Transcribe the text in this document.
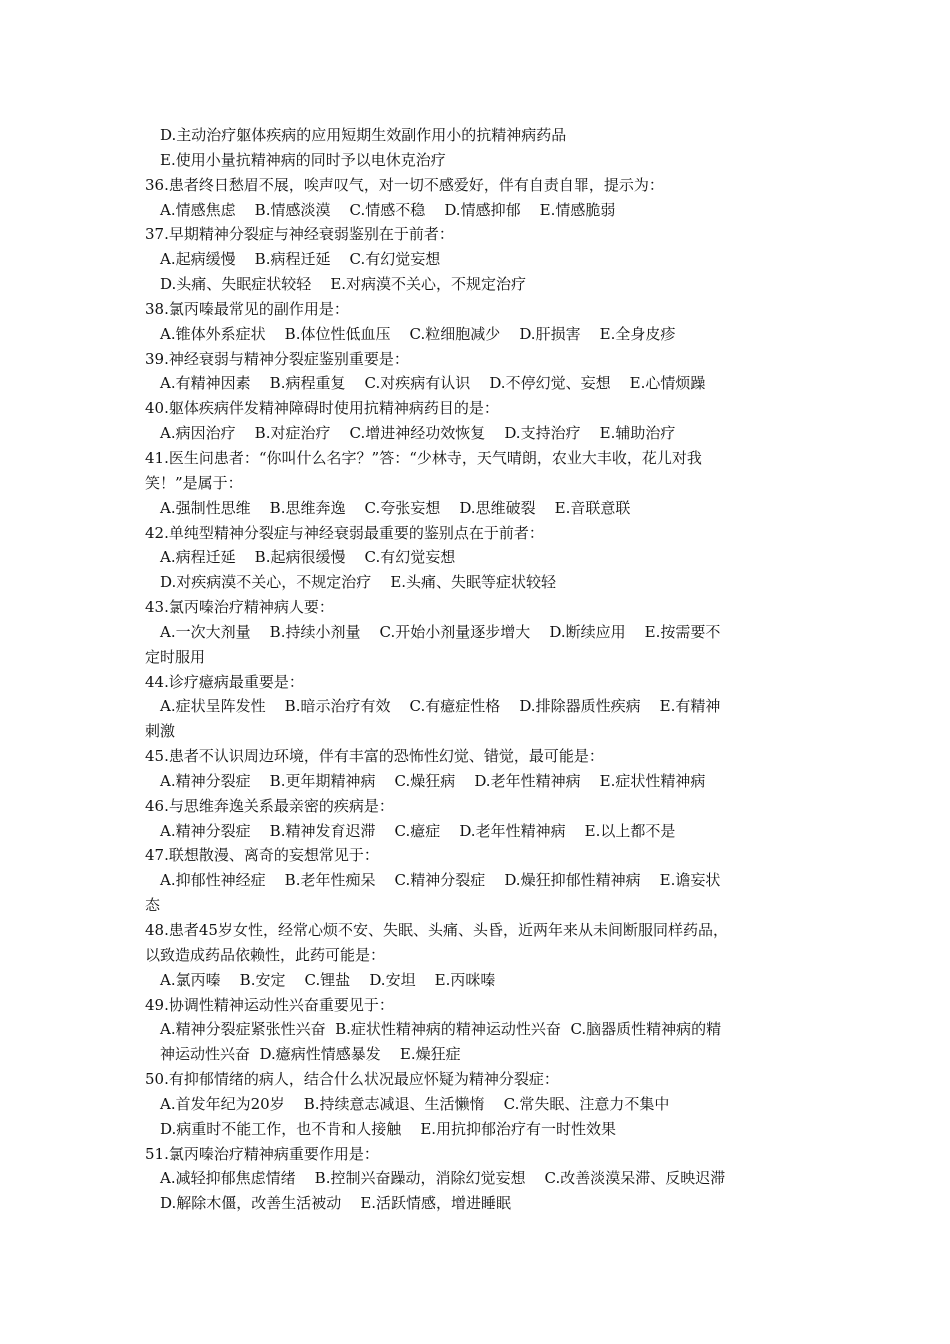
D.主动治疗躯体疾病的应用短期生效副作用小的抗精神病药品
E.使用小量抗精神病的同时予以电休克治疗
36.患者终日愁眉不展，唉声叹气，对一切不感爱好，伴有自责自罪，提示为：
A.情感焦虑    B.情感淡漠    C.情感不稳    D.情感抑郁    E.情感脆弱
37.早期精神分裂症与神经衰弱鉴别在于前者：
A.起病缓慢    B.病程迁延    C.有幻觉妄想
D.头痛、失眠症状较轻    E.对病漠不关心，不规定治疗
38.氯丙嗪最常见的副作用是：
A.锥体外系症状    B.体位性低血压    C.粒细胞减少    D.肝损害    E.全身皮疹
39.神经衰弱与精神分裂症鉴别重要是：
A.有精神因素    B.病程重复    C.对疾病有认识    D.不停幻觉、妄想    E.心情烦躁
40.躯体疾病伴发精神障碍时使用抗精神病药目的是：
A.病因治疗    B.对症治疗    C.增进神经功效恢复    D.支持治疗    E.辅助治疗
41.医生问患者：“你叫什么名字？”答：“少林寺，天气晴朗，农业大丰收，花儿对我
笑！”是属于：
A.强制性思维    B.思维奔逸    C.夸张妄想    D.思维破裂    E.音联意联
42.单纯型精神分裂症与神经衰弱最重要的鉴别点在于前者：
A.病程迁延    B.起病很缓慢    C.有幻觉妄想
D.对疾病漠不关心，不规定治疗    E.头痛、失眠等症状较轻
43.氯丙嗪治疗精神病人要：
A.一次大剂量    B.持续小剂量    C.开始小剂量逐步增大    D.断续应用    E.按需要不
定时服用
44.诊疗癔病最重要是：
A.症状呈阵发性    B.暗示治疗有效    C.有癔症性格    D.排除器质性疾病    E.有精神
刺激
45.患者不认识周边环境，伴有丰富的恐怖性幻觉、错觉，最可能是：
A.精神分裂症    B.更年期精神病    C.燥狂病    D.老年性精神病    E.症状性精神病
46.与思维奔逸关系最亲密的疾病是：
A.精神分裂症    B.精神发育迟滞    C.癔症    D.老年性精神病    E.以上都不是
47.联想散漫、离奇的妄想常见于：
A.抑郁性神经症    B.老年性痴呆    C.精神分裂症    D.燥狂抑郁性精神病    E.谵妄状
态
48.患者45岁女性，经常心烦不安、失眠、头痛、头昏，近两年来从未间断服同样药品，
以致造成药品依赖性，此药可能是：
A.氯丙嗪    B.安定    C.锂盐    D.安坦    E.丙咪嗪
49.协调性精神运动性兴奋重要见于：
A.精神分裂症紧张性兴奋  B.症状性精神病的精神运动性兴奋  C.脑器质性精神病的精
神运动性兴奋  D.癔病性情感暴发    E.燥狂症
50.有抑郁情绪的病人，结合什么状况最应怀疑为精神分裂症：
A.首发年纪为20岁    B.持续意志减退、生活懒惰    C.常失眠、注意力不集中
D.病重时不能工作，也不肯和人接触    E.用抗抑郁治疗有一时性效果
51.氯丙嗪治疗精神病重要作用是：
A.减轻抑郁焦虑情绪    B.控制兴奋躁动，消除幻觉妄想    C.改善淡漠呆滞、反映迟滞
D.解除木僵，改善生活被动    E.活跃情感，增进睡眠
